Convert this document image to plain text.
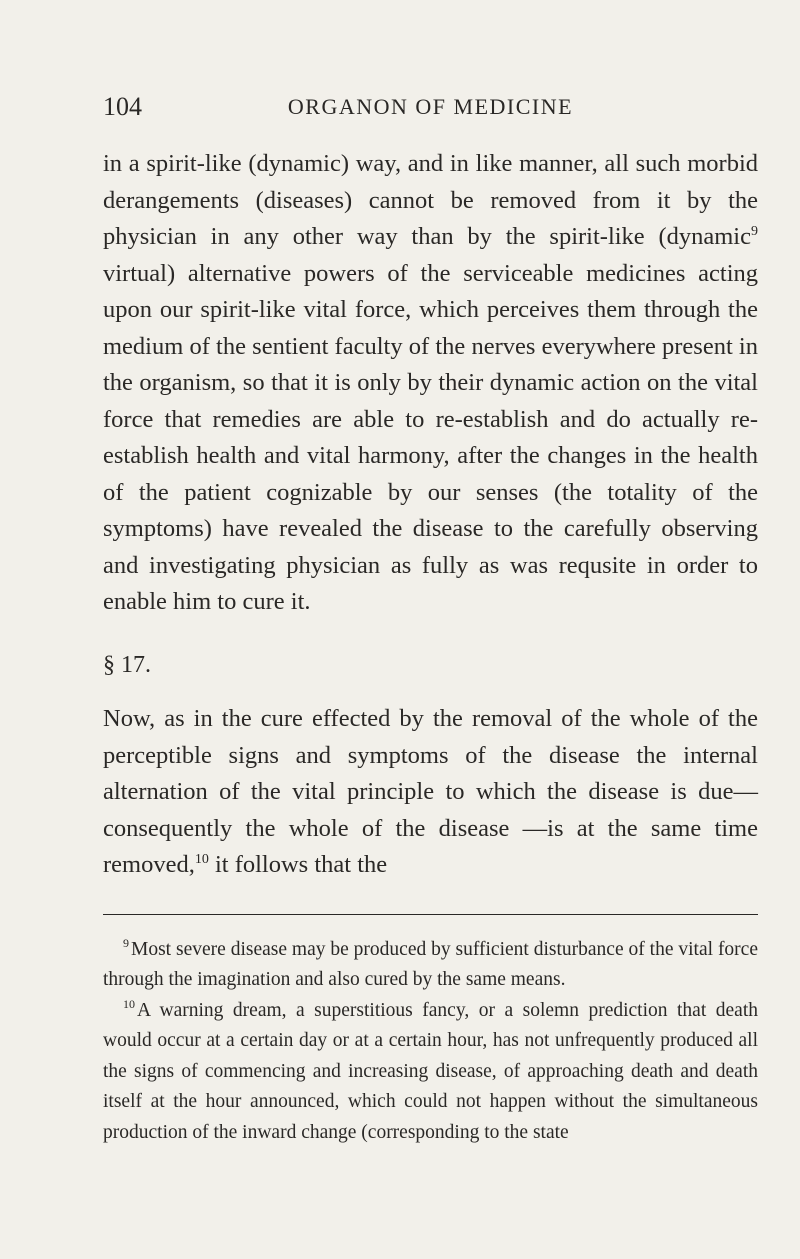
104	ORGANON OF MEDICINE

in a spirit-like (dynamic) way, and in like manner, all such morbid derangements (diseases) cannot be removed from it by the physician in any other way than by the spirit-like (dynamic$^9$ virtual) alternative powers of the serviceable medicines acting upon our spirit-like vital force, which perceives them through the medium of the sentient faculty of the nerves everywhere present in the organism, so that it is only by their dynamic action on the vital force that remedies are able to re-establish and do actually re-establish health and vital harmony, after the changes in the health of the patient cognizable by our senses (the totality of the symptoms) have revealed the disease to the carefully observing and investigating physician as fully as was requsite in order to enable him to cure it.

§ 17.

Now, as in the cure effected by the removal of the whole of the perceptible signs and symptoms of the disease the internal alternation of the vital principle to which the disease is due—consequently the whole of the disease —is at the same time removed,$^{10}$ it follows that the

$^9$ Most severe disease may be produced by sufficient disturbance of the vital force through the imagination and also cured by the same means.

$^{10}$ A warning dream, a superstitious fancy, or a solemn prediction that death would occur at a certain day or at a certain hour, has not unfrequently produced all the signs of commencing and increasing disease, of approaching death and death itself at the hour announced, which could not happen without the simultaneous production of the inward change (corresponding to the state
